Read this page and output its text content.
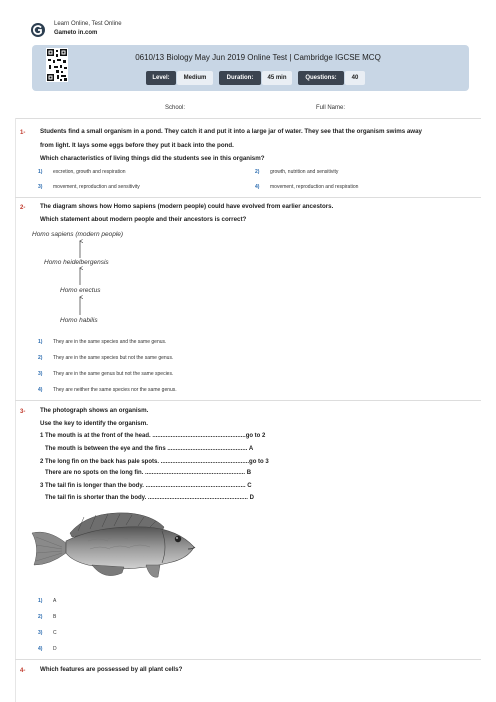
Learn Online, Test Online
Gameto in.com
0610/13 Biology May Jun 2019 Online Test | Cambridge IGCSE MCQ
Level:	Medium	Duration:	45 min	Questions:	40
School:	Full Name:
1- Students find a small organism in a pond. They catch it and put it into a large jar of water. They see that the organism swims away
from light. It lays some eggs before they put it back into the pond.
Which characteristics of living things did the students see in this organism?
1) excretion, growth and respiration	2) growth, nutrition and sensitivity
3) movement, reproduction and sensitivity	4) movement, reproduction and respiration
2- The diagram shows how Homo sapiens (modern people) could have evolved from earlier ancestors.
Which statement about modern people and their ancestors is correct?
Homo sapiens (modern people)
Homo heidelbergensis
Homo erectus
Homo habilis
1) They are in the same species and the same genus.
2) They are in the same species but not the same genus.
3) They are in the same genus but not the same species.
4) They are neither the same species nor the same genus.
3- The photograph shows an organism.
Use the key to identify the organism.
1 The mouth is at the front of the head. ........................................................go to 2
The mouth is between the eye and the fins ................................................ A
2 The long fin on the back has pale spots. .....................................................go to 3
There are no spots on the long fin. ............................................................ B
3 The tail fin is longer than the body. ............................................................ C
The tail fin is shorter than the body. ............................................................ D
1) A
2) B
3) C
4) D
4- Which features are possessed by all plant cells?
